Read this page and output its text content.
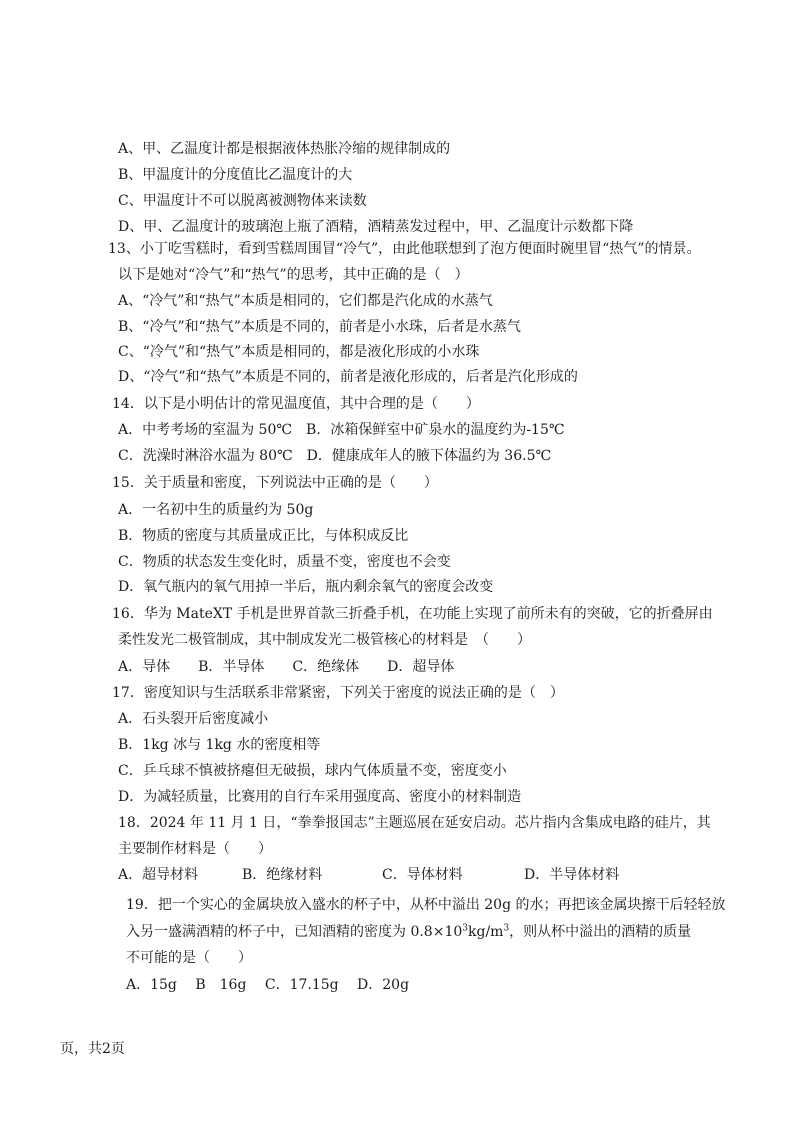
A、甲、乙温度计都是根据液体热胀冷缩的规律制成的
B、甲温度计的分度值比乙温度计的大
C、甲温度计不可以脱离被测物体来读数
D、甲、乙温度计的玻璃泡上瓶了酒精，酒精蒸发过程中，甲、乙温度计示数都下降
13、小丁吃雪糕时，看到雪糕周围冒“冷气”，由此他联想到了泡方便面时碗里冒“热气”的情景。
以下是她对“冷气”和“热气”的思考，其中正确的是（　）
A、“冷气”和“热气”本质是相同的，它们都是汽化成的水蒸气
B、“冷气”和“热气”本质是不同的，前者是小水珠，后者是水蒸气
C、“冷气”和“热气”本质是相同的，都是液化形成的小水珠
D、“冷气”和“热气”本质是不同的，前者是液化形成的，后者是汽化形成的
14．以下是小明估计的常见温度值，其中合理的是（　　）
A．中考考场的室温为 50℃　B．冰箱保鲜室中矿泉水的温度约为-15℃
C．洗澡时淋浴水温为 80℃　D．健康成年人的腋下体温约为 36.5℃
15．关于质量和密度，下列说法中正确的是（　　）
A．一名初中生的质量约为 50g
B．物质的密度与其质量成正比，与体积成反比
C．物质的状态发生变化时，质量不变，密度也不会变
D．氧气瓶内的氧气用掉一半后，瓶内剩余氧气的密度会改变
16．华为 MateXT 手机是世界首款三折叠手机，在功能上实现了前所未有的突破，它的折叠屏由
柔性发光二极管制成，其中制成发光二极管核心的材料是　（　　）
A．导体　　B．半导体　　C．绝缘体　　D．超导体
17．密度知识与生活联系非常紧密，下列关于密度的说法正确的是（　）
A．石头裂开后密度减小
B．1kg 冰与 1kg 水的密度相等
C．乒乓球不慎被挤瘪但无破损，球内气体质量不变，密度变小
D．为减轻质量，比赛用的自行车采用强度高、密度小的材料制造
18．2024 年 11 月 1 日，“拳拳报国志”主题巡展在延安启动。芯片指内含集成电路的硅片，其
主要制作材料是（　　）
A．超导材料	B．绝缘材料	C．导体材料	D．半导体材料
19．把一个实心的金属块放入盛水的杯子中，从杯中溢出 20g 的水；再把该金属块擦干后轻轻放
入另一盛满酒精的杯子中，已知酒精的密度为 $0.8\times 10^3kg/m^3$，则从杯中溢出的酒精的质量
不可能的是（　　）
A．15g　 B　16g　 C．17.15g　 D．20g
页，共2页
